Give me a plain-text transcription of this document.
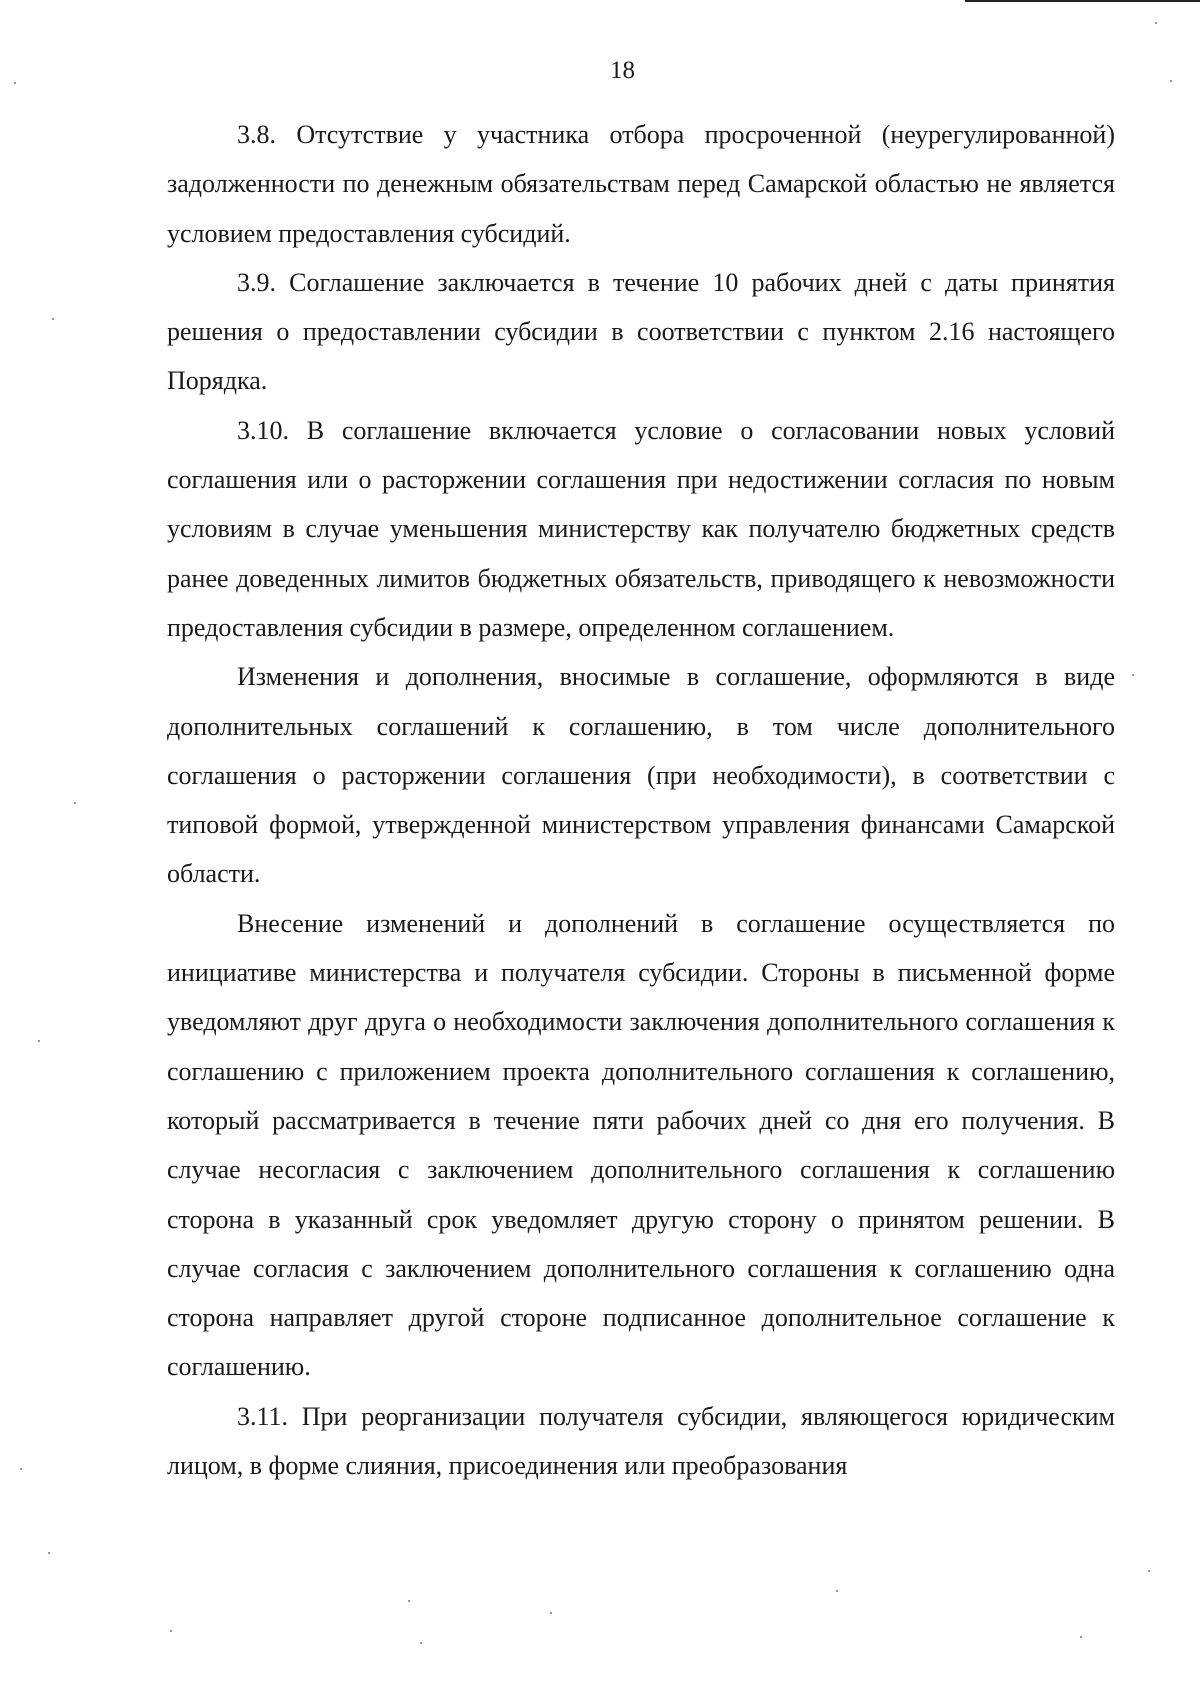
18

3.8. Отсутствие у участника отбора просроченной (неурегулированной) задолженности по денежным обязательствам перед Самарской областью не является условием предоставления субсидий.

3.9. Соглашение заключается в течение 10 рабочих дней с даты принятия решения о предоставлении субсидии в соответствии с пунктом 2.16 настоящего Порядка.

3.10. В соглашение включается условие о согласовании новых условий соглашения или о расторжении соглашения при недостижении согласия по новым условиям в случае уменьшения министерству как получателю бюджетных средств ранее доведенных лимитов бюджетных обязательств, приводящего к невозможности предоставления субсидии в размере, определенном соглашением.

Изменения и дополнения, вносимые в соглашение, оформляются в виде дополнительных соглашений к соглашению, в том числе дополнительного соглашения о расторжении соглашения (при необходимости), в соответствии с типовой формой, утвержденной министерством управления финансами Самарской области.

Внесение изменений и дополнений в соглашение осуществляется по инициативе министерства и получателя субсидии. Стороны в письменной форме уведомляют друг друга о необходимости заключения дополнительного соглашения к соглашению с приложением проекта дополнительного соглашения к соглашению, который рассматривается в течение пяти рабочих дней со дня его получения. В случае несогласия с заключением дополнительного соглашения к соглашению сторона в указанный срок уведомляет другую сторону о принятом решении. В случае согласия с заключением дополнительного соглашения к соглашению одна сторона направляет другой стороне подписанное дополнительное соглашение к соглашению.

3.11. При реорганизации получателя субсидии, являющегося юридическим лицом, в форме слияния, присоединения или преобразования
